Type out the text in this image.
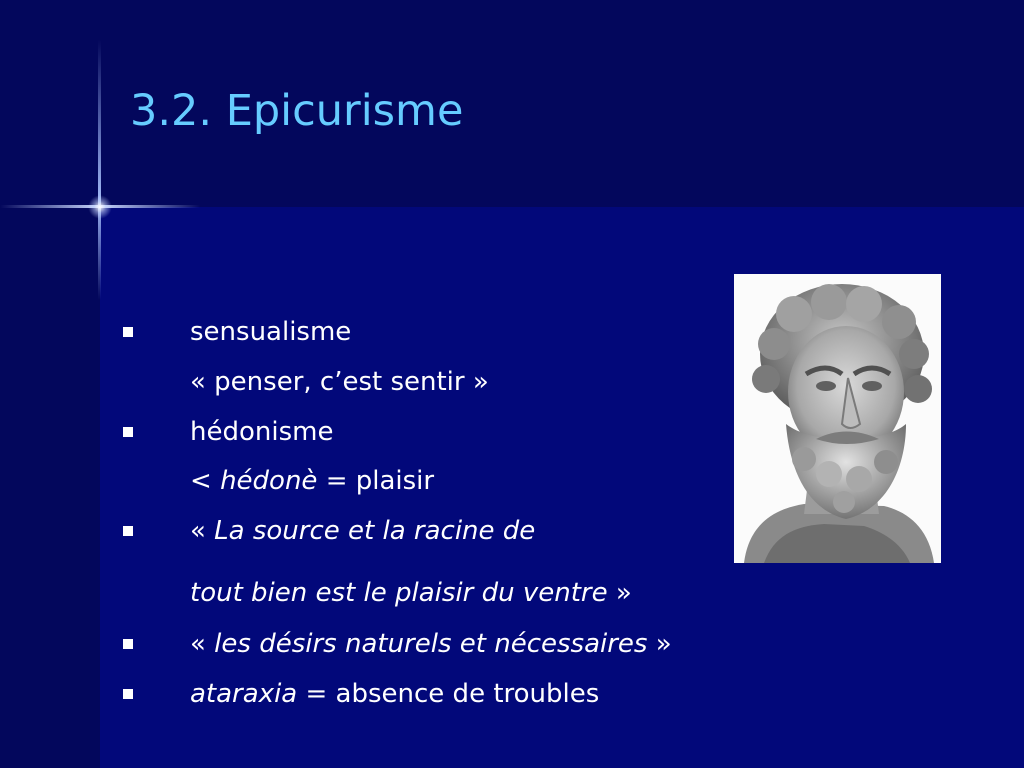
3.2. Epicurisme
sensualisme
« penser, c’est sentir »
hédonisme
< hédonè = plaisir
« La source et la racine de
tout bien est le plaisir du ventre »
« les désirs naturels et nécessaires »
ataraxia = absence de troubles
